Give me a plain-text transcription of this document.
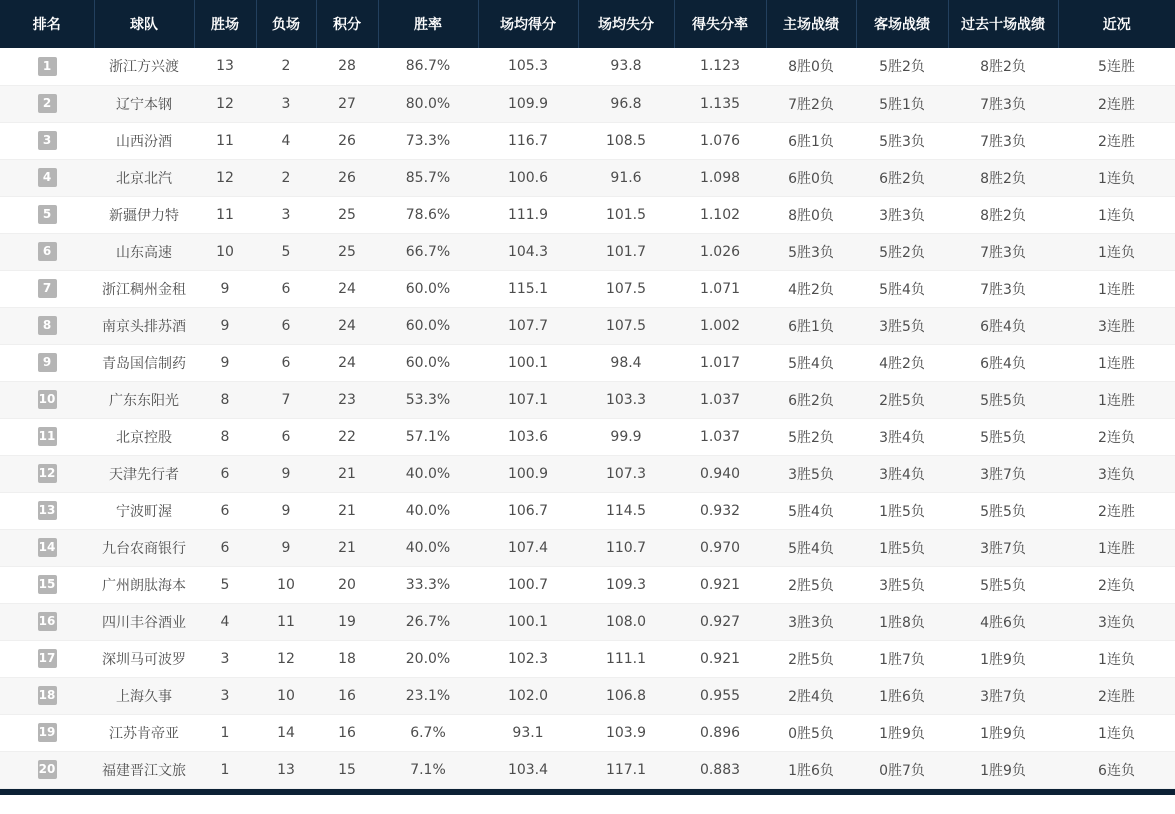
排名	球队	胜场	负场	积分	胜率	场均得分	场均失分	得失分率	主场战绩	客场战绩	过去十场战绩	近况
1	浙江方兴渡	13	2	28	86.7%	105.3	93.8	1.123	8胜0负	5胜2负	8胜2负	5连胜
2	辽宁本钢	12	3	27	80.0%	109.9	96.8	1.135	7胜2负	5胜1负	7胜3负	2连胜
3	山西汾酒	11	4	26	73.3%	116.7	108.5	1.076	6胜1负	5胜3负	7胜3负	2连胜
4	北京北汽	12	2	26	85.7%	100.6	91.6	1.098	6胜0负	6胜2负	8胜2负	1连负
5	新疆伊力特	11	3	25	78.6%	111.9	101.5	1.102	8胜0负	3胜3负	8胜2负	1连负
6	山东高速	10	5	25	66.7%	104.3	101.7	1.026	5胜3负	5胜2负	7胜3负	1连负
7	浙江稠州金租	9	6	24	60.0%	115.1	107.5	1.071	4胜2负	5胜4负	7胜3负	1连胜
8	南京头排苏酒	9	6	24	60.0%	107.7	107.5	1.002	6胜1负	3胜5负	6胜4负	3连胜
9	青岛国信制药	9	6	24	60.0%	100.1	98.4	1.017	5胜4负	4胜2负	6胜4负	1连胜
10	广东东阳光	8	7	23	53.3%	107.1	103.3	1.037	6胜2负	2胜5负	5胜5负	1连胜
11	北京控股	8	6	22	57.1%	103.6	99.9	1.037	5胜2负	3胜4负	5胜5负	2连负
12	天津先行者	6	9	21	40.0%	100.9	107.3	0.940	3胜5负	3胜4负	3胜7负	3连负
13	宁波町渥	6	9	21	40.0%	106.7	114.5	0.932	5胜4负	1胜5负	5胜5负	2连胜
14	九台农商银行	6	9	21	40.0%	107.4	110.7	0.970	5胜4负	1胜5负	3胜7负	1连胜
15	广州朗肽海本	5	10	20	33.3%	100.7	109.3	0.921	2胜5负	3胜5负	5胜5负	2连负
16	四川丰谷酒业	4	11	19	26.7%	100.1	108.0	0.927	3胜3负	1胜8负	4胜6负	3连负
17	深圳马可波罗	3	12	18	20.0%	102.3	111.1	0.921	2胜5负	1胜7负	1胜9负	1连负
18	上海久事	3	10	16	23.1%	102.0	106.8	0.955	2胜4负	1胜6负	3胜7负	2连胜
19	江苏肯帝亚	1	14	16	6.7%	93.1	103.9	0.896	0胜5负	1胜9负	1胜9负	1连负
20	福建晋江文旅	1	13	15	7.1%	103.4	117.1	0.883	1胜6负	0胜7负	1胜9负	6连负
